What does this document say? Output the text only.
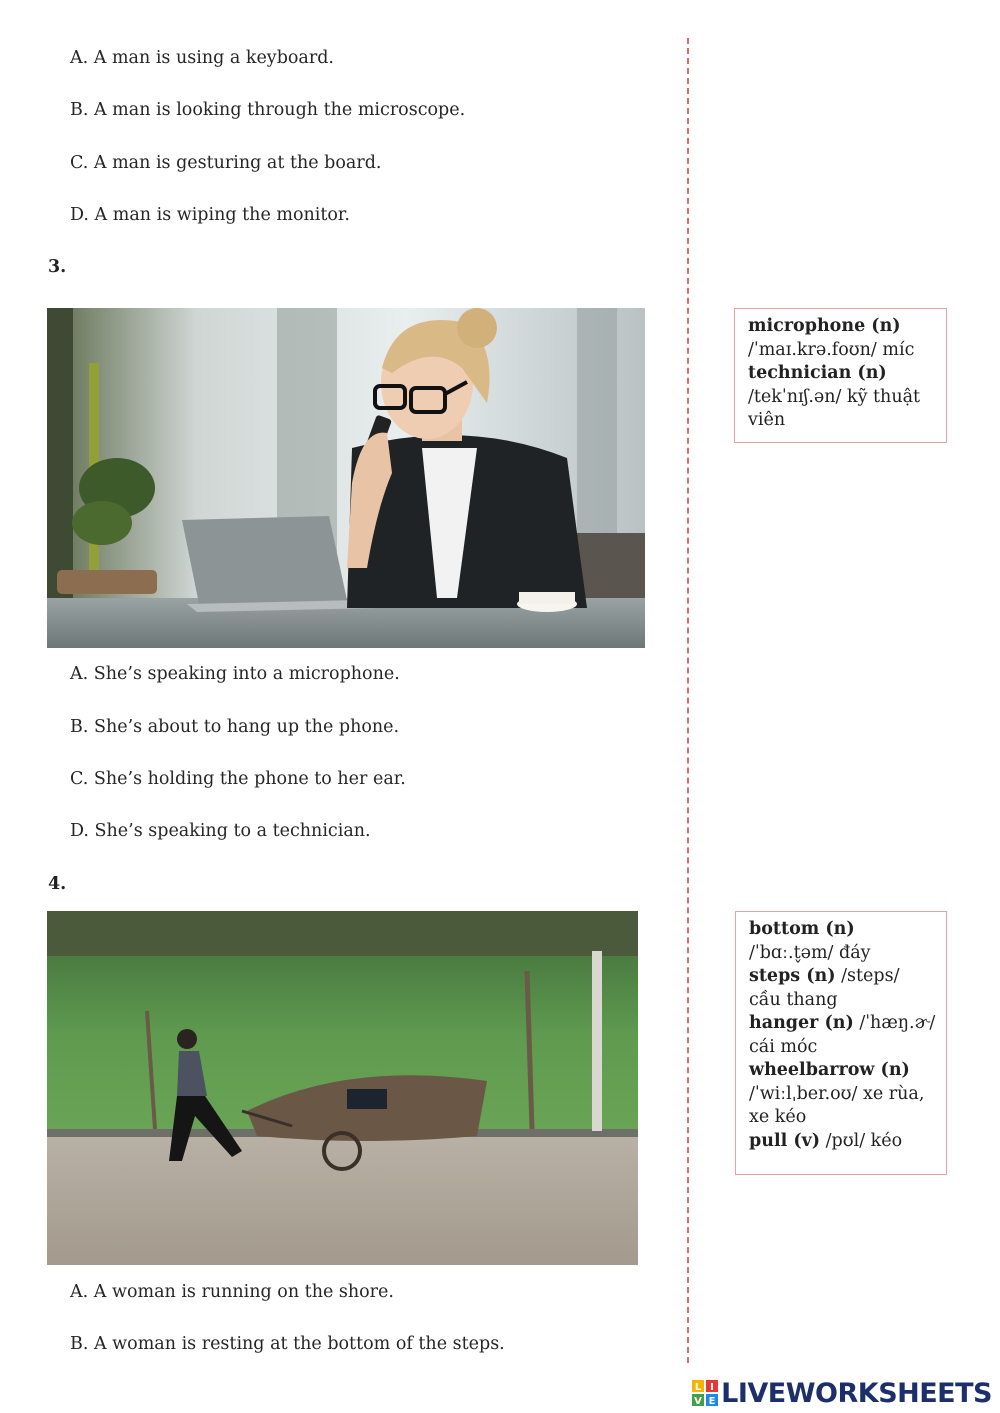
A. A man is using a keyboard.
B. A man is looking through the microscope.
C. A man is gesturing at the board.
D. A man is wiping the monitor.
3.
A. She’s speaking into a microphone.
B. She’s about to hang up the phone.
C. She’s holding the phone to her ear.
D. She’s speaking to a technician.
4.
A. A woman is running on the shore.
B. A woman is resting at the bottom of the steps.
microphone (n)
/ˈmaɪ.krə.foʊn/ míc
technician (n)
/tekˈnɪʃ.ən/ kỹ thuật viên
bottom (n)
/ˈbɑː.t̬əm/ đáy
steps (n) /steps/ cầu thang
hanger (n) /ˈhæŋ.ɚ/ cái móc
wheelbarrow (n)
/ˈwiːlˌber.oʊ/ xe rùa, xe kéo
pull (v) /pʊl/ kéo
L I
V E LIVEWORKSHEETS
